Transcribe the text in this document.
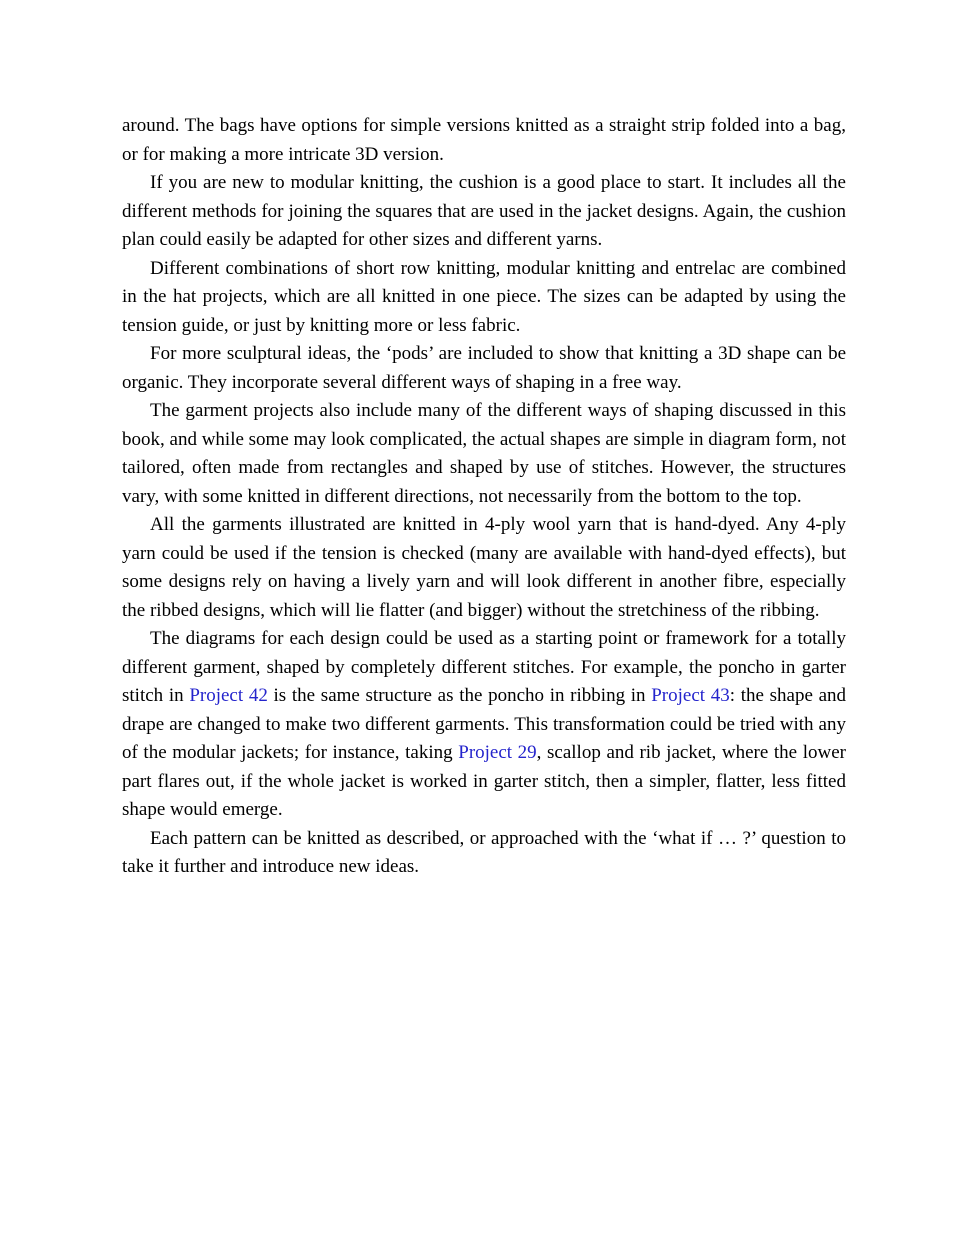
around. The bags have options for simple versions knitted as a straight strip folded into a bag, or for making a more intricate 3D version.

If you are new to modular knitting, the cushion is a good place to start. It includes all the different methods for joining the squares that are used in the jacket designs. Again, the cushion plan could easily be adapted for other sizes and different yarns.

Different combinations of short row knitting, modular knitting and entrelac are combined in the hat projects, which are all knitted in one piece. The sizes can be adapted by using the tension guide, or just by knitting more or less fabric.

For more sculptural ideas, the ‘pods’ are included to show that knitting a 3D shape can be organic. They incorporate several different ways of shaping in a free way.

The garment projects also include many of the different ways of shaping discussed in this book, and while some may look complicated, the actual shapes are simple in diagram form, not tailored, often made from rectangles and shaped by use of stitches. However, the structures vary, with some knitted in different directions, not necessarily from the bottom to the top.

All the garments illustrated are knitted in 4-ply wool yarn that is hand-dyed. Any 4-ply yarn could be used if the tension is checked (many are available with hand-dyed effects), but some designs rely on having a lively yarn and will look different in another fibre, especially the ribbed designs, which will lie flatter (and bigger) without the stretchiness of the ribbing.

The diagrams for each design could be used as a starting point or framework for a totally different garment, shaped by completely different stitches. For example, the poncho in garter stitch in Project 42 is the same structure as the poncho in ribbing in Project 43: the shape and drape are changed to make two different garments. This transformation could be tried with any of the modular jackets; for instance, taking Project 29, scallop and rib jacket, where the lower part flares out, if the whole jacket is worked in garter stitch, then a simpler, flatter, less fitted shape would emerge.

Each pattern can be knitted as described, or approached with the ‘what if … ?’ question to take it further and introduce new ideas.
